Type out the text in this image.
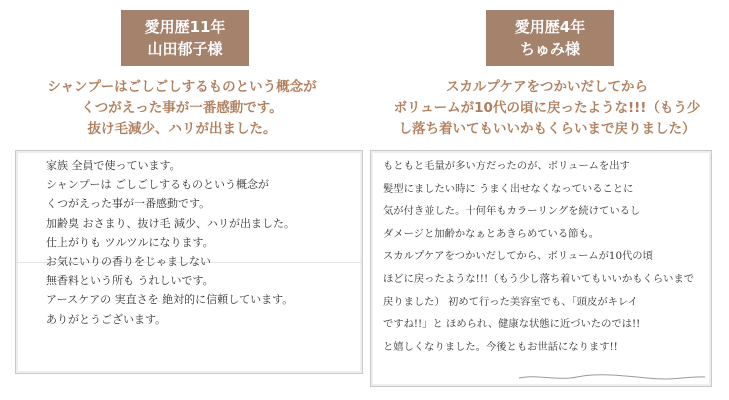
愛用歴11年
山田郁子様
シャンプーはごしごしするものという概念が
くつがえった事が一番感動です。
抜け毛減少、ハリが出ました。
家族 全員で使っています。
シャンプーは ごしごしするものという概念が
くつがえった事が一番感動です。
加齢臭 おさまり、抜け毛 減少、ハリが出ました。
仕上がりも ツルツルになります。
お気にいりの香りをじゃましない
無香料という所も うれしいです。
アースケアの 実直さを 絶対的に信頼しています。
ありがとうございます。
愛用歴4年
ちゅみ様
スカルプケアをつかいだしてから
ボリュームが10代の頃に戻ったような!!!（もう少
し落ち着いてもいいかもくらいまで戻りました）
もともと毛量が多い方だったのが、ボリュームを出す
髪型にましたい時に うまく出せなくなっていることに
気が付き並した。十何年もカラーリングを続けているし
ダメージと加齢かなぁとあきらめている節も。
スカルプケアをつかいだしてから、ボリュームが10代の頃
ほどに戻ったような!!!（もう少し落ち着いてもいいかもくらいまで
戻りました） 初めて行った美容室でも、「頭皮がキレイ
ですね!!」と ほめられ、健康な状態に近づいたのでは!!
と嬉しくなりました。今後ともお世話になります!!
